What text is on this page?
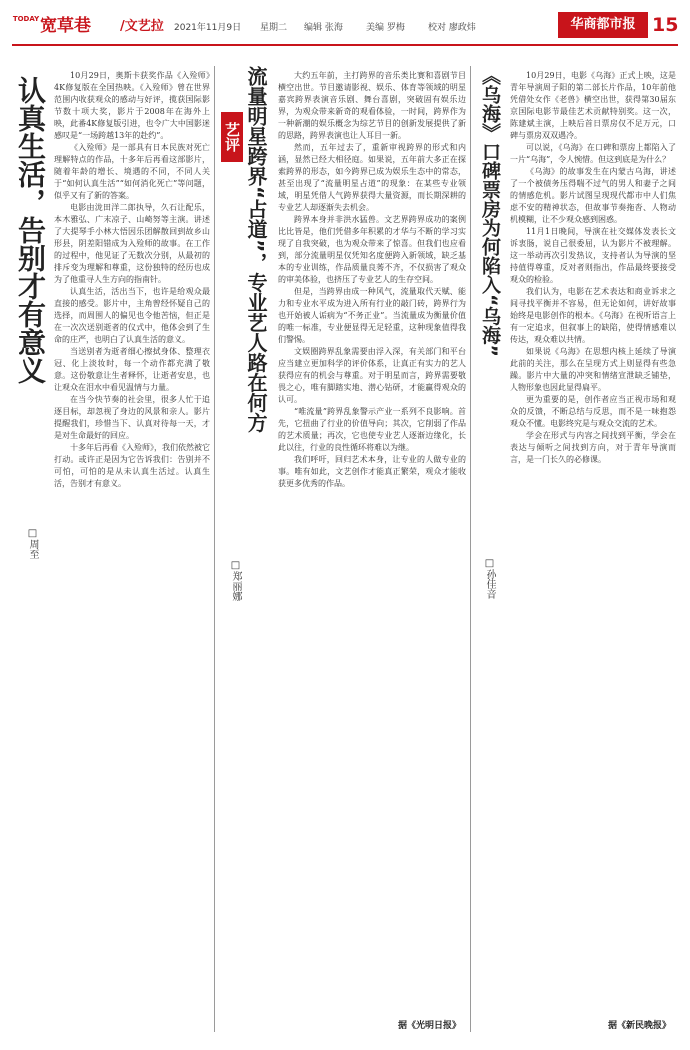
TODAY 宽草巷 /文艺拉 2021年11月9日 星期二 编辑 张海	美编 罗梅	校对 廖政炜	华商都市报 15
认真生活，告别才有意义
□周至

10月29日，奥斯卡获奖作品《入殓师》4K修复版在全国热映。《入殓师》曾在世界范围内收获观众的感动与好评，揽获国际影节数十项大奖，影片于2008年在海外上映，此番4K修复版引进，也令广大中国影迷感叹是“一场跨越13年的赴约”。

《入殓师》是一部具有日本民族对死亡理解特点的作品，十多年后再看这部影片，随着年龄的增长、境遇的不同，不同人关于“如何认真生活”“如何消化死亡”等问题，似乎又有了新的答案。

电影由泷田洋二郎执导，久石让配乐，本木雅弘、广末凉子、山崎努等主演。讲述了大提琴手小林大悟因乐团解散回到故乡山形县，阴差阳错成为入殓师的故事。在工作的过程中，他见证了无数次分别，从最初的排斥变为理解和尊重，这份独特的经历也成为了他重寻人生方向的指南针。

认真生活，活出当下，也许是给观众最直接的感受。影片中，主角曾经怀疑自己的选择，而周围人的偏见也令他苦恼，但正是在一次次送别逝者的仪式中，他体会到了生命的庄严，也明白了认真生活的意义。

当送别者为逝者细心擦拭身体、整理衣冠、化上淡妆时，每一个动作都充满了敬意。这份敬意让生者释怀，让逝者安息，也让观众在泪水中看见温情与力量。

在当今快节奏的社会里，很多人忙于追逐目标，却忽视了身边的风景和亲人。影片提醒我们，珍惜当下、认真对待每一天，才是对生命最好的回应。

十多年后再看《入殓师》，我们依然被它打动。或许正是因为它告诉我们：告别并不可怕，可怕的是从未认真生活过。认真生活，告别才有意义。

艺评 流量明星跨界“占道”，专业艺人路在何方
□郑丽娜

大约五年前，主打跨界的音乐类比赛和喜剧节目横空出世。节目邀请影视、娱乐、体育等领域的明星嘉宾跨界表演音乐剧、舞台喜剧，突破固有娱乐边界，为观众带来新奇的观看体验，一时间，跨界作为一种新潮的娱乐概念为综艺节目的创新发展提供了新的思路，跨界表演也让人耳目一新。

然而，五年过去了，重新审视跨界的形式和内涵，显然已经大相径庭。如果说，五年前大多正在探索跨界的形态，如今跨界已成为娱乐生态中的常态，甚至出现了“流量明星占道”的现象：在某些专业领域，明星凭借人气跨界获得大量资源，而长期深耕的专业艺人却逐渐失去机会。

跨界本身并非洪水猛兽。文艺界跨界成功的案例比比皆是，他们凭借多年积累的才华与不断的学习实现了自我突破，也为观众带来了惊喜。但我们也应看到，部分流量明星仅凭知名度便跨入新领域，缺乏基本的专业训练，作品质量良莠不齐，不仅损害了观众的审美体验，也挤压了专业艺人的生存空间。

但是，当跨界由成一种风气，流量取代天赋、能力和专业水平成为进入所有行业的敲门砖，跨界行为也开始被人诟病为“不务正业”。当流量成为衡量价值的唯一标准，专业便显得无足轻重，这种现象值得我们警惕。

文娱圈跨界乱象需要由浮入深，有关部门和平台应当建立更加科学的评价体系，让真正有实力的艺人获得应有的机会与尊重。对于明星而言，跨界需要敬畏之心，唯有脚踏实地、潜心钻研，才能赢得观众的认可。

“唯流量”跨界乱象警示产业一系列不良影响。首先，它扭曲了行业的价值导向；其次，它削弱了作品的艺术质量；再次，它也使专业艺人逐渐边缘化，长此以往，行业的良性循环将难以为继。

我们呼吁，回归艺术本身，让专业的人做专业的事。唯有如此，文艺创作才能真正繁荣，观众才能收获更多优秀的作品。

据《光明日报》
《乌海》口碑票房为何陷入“乌海”
□孙佳音

10月29日，电影《乌海》正式上映，这是青年导演周子阳的第二部长片作品，10年前他凭借处女作《老兽》横空出世，获得第30届东京国际电影节最佳艺术贡献特别奖。这一次，陈建斌主演，上映后首日票房仅不足万元，口碑与票房双双遇冷。

可以说，《乌海》在口碑和票房上都陷入了一片“乌海”，令人惋惜。但这到底是为什么？

《乌海》的故事发生在内蒙古乌海，讲述了一个被债务压得喘不过气的男人和妻子之间的情感危机。影片试图呈现现代都市中人们焦虑不安的精神状态，但故事节奏拖沓、人物动机模糊，让不少观众感到困惑。

11月1日晚间，导演在社交媒体发表长文诉衷肠，说自己很委屈，认为影片不被理解。这一举动再次引发热议，支持者认为导演的坚持值得尊重，反对者则指出，作品最终要接受观众的检验。

我们认为，电影在艺术表达和商业诉求之间寻找平衡并不容易，但无论如何，讲好故事始终是电影创作的根本。《乌海》在视听语言上有一定追求，但叙事上的缺陷，使得情感难以传达，观众难以共情。

如果说《乌海》在思想内核上延续了导演此前的关注，那么在呈现方式上则显得有些急躁。影片中大量的冲突和情绪宣泄缺乏铺垫，人物形象也因此显得扁平。

更为重要的是，创作者应当正视市场和观众的反馈，不断总结与反思，而不是一味抱怨观众不懂。电影终究是与观众交流的艺术。

学会在形式与内容之间找到平衡，学会在表达与倾听之间找到方向，对于青年导演而言，是一门长久的必修课。

据《新民晚报》
